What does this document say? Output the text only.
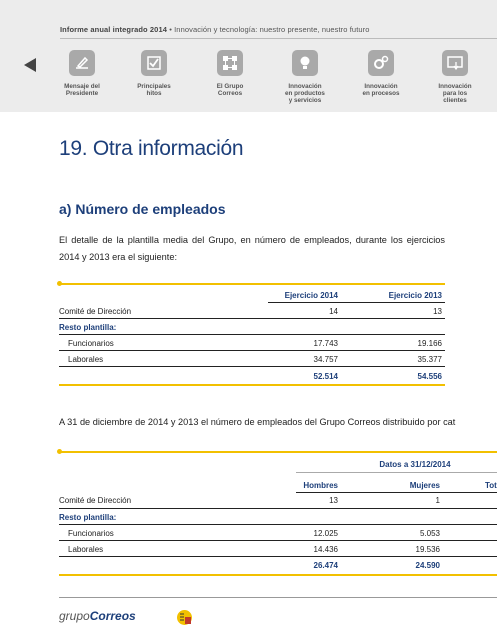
Informe anual integrado 2014 • Innovación y tecnología: nuestro presente, nuestro futuro
Mensaje del
Presidente
Principales
hitos
El Grupo
Correos
Innovación
en productos
y servicios
Innovación
en procesos
Innovación
para los
clientes
19. Otra información
a) Número de empleados
El detalle de la plantilla media del Grupo, en número de empleados, durante los ejercicios 2014 y 2013 era el siguiente:
Ejercicio 2014	Ejercicio 2013
Comité de Dirección	14	13
Resto plantilla:
Funcionarios	17.743	19.166
Laborales	34.757	35.377
52.514	54.556
A 31 de diciembre de 2014 y 2013 el número de empleados del Grupo Correos distribuido por cat
Datos a 31/12/2014
Hombres	Mujeres	Tot
Comité de Dirección	13	1
Resto plantilla:
Funcionarios	12.025	5.053
Laborales	14.436	19.536
26.474	24.590
grupoCorreos
